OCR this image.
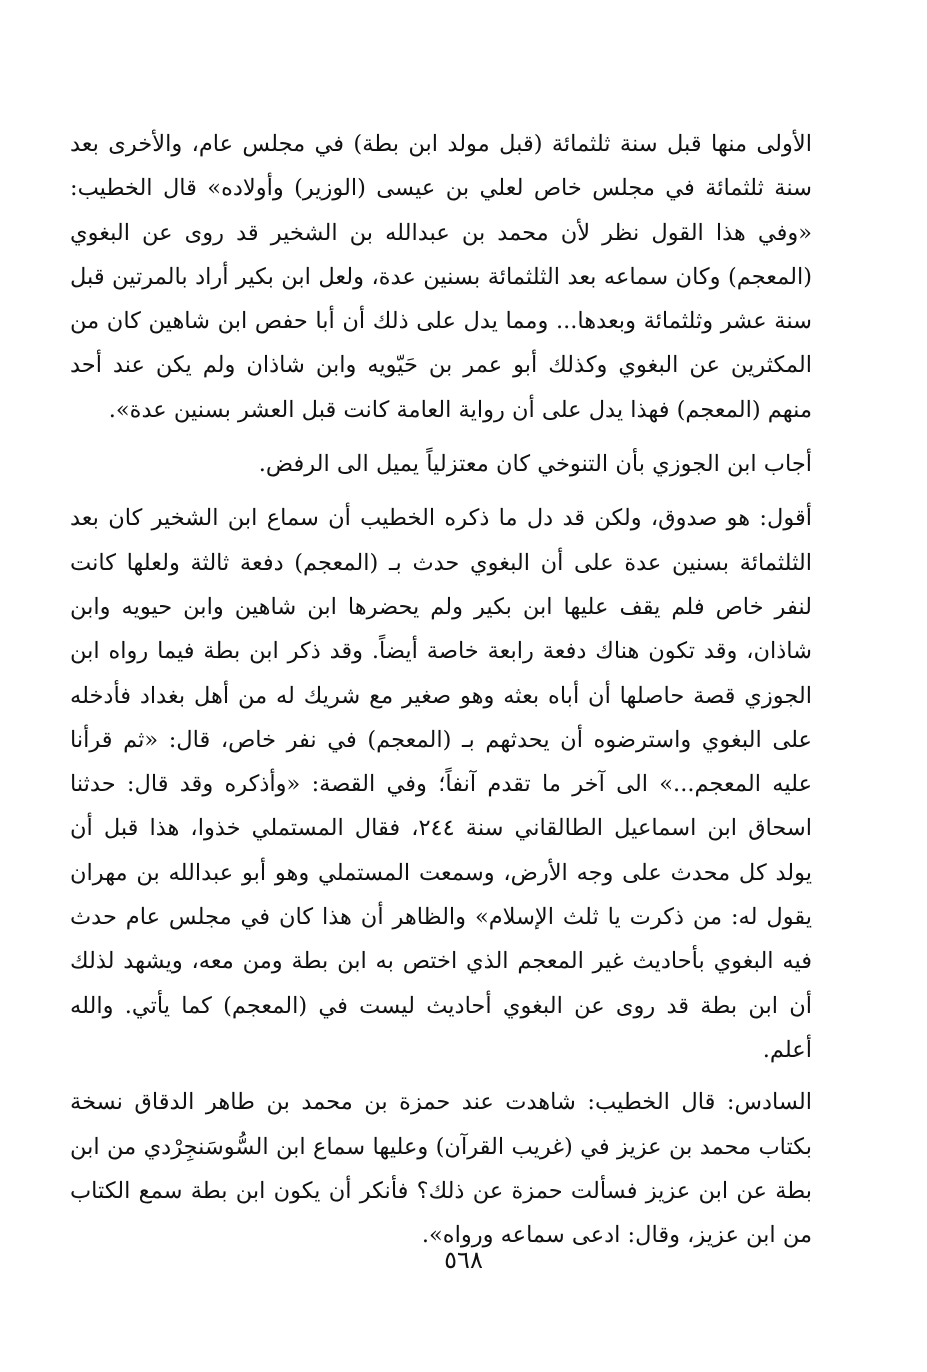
الأولى منها قبل سنة ثلثمائة (قبل مولد ابن بطة) في مجلس عام، والأخرى بعد سنة ثلثمائة في مجلس خاص لعلي بن عيسى (الوزير) وأولاده» قال الخطيب: «وفي هذا القول نظر لأن محمد بن عبدالله بن الشخير قد روى عن البغوي (المعجم) وكان سماعه بعد الثلثمائة بسنين عدة، ولعل ابن بكير أراد بالمرتين قبل سنة عشر وثلثمائة وبعدها... ومما يدل على ذلك أن أبا حفص ابن شاهين كان من المكثرين عن البغوي وكذلك أبو عمر بن حَيّويه وابن شاذان ولم يكن عند أحد منهم (المعجم) فهذا يدل على أن رواية العامة كانت قبل العشر بسنين عدة».

أجاب ابن الجوزي بأن التنوخي كان معتزلياً يميل الى الرفض.

أقول: هو صدوق، ولكن قد دل ما ذكره الخطيب أن سماع ابن الشخير كان بعد الثلثمائة بسنين عدة على أن البغوي حدث بـ (المعجم) دفعة ثالثة ولعلها كانت لنفر خاص فلم يقف عليها ابن بكير ولم يحضرها ابن شاهين وابن حيويه وابن شاذان، وقد تكون هناك دفعة رابعة خاصة أيضاً. وقد ذكر ابن بطة فيما رواه ابن الجوزي قصة حاصلها أن أباه بعثه وهو صغير مع شريك له من أهل بغداد فأدخله على البغوي واسترضوه أن يحدثهم بـ (المعجم) في نفر خاص، قال: «ثم قرأنا عليه المعجم...» الى آخر ما تقدم آنفاً؛ وفي القصة: «وأذكره وقد قال: حدثنا اسحاق ابن اسماعيل الطالقاني سنة ٢٤٤، فقال المستملي خذوا، هذا قبل أن يولد كل محدث على وجه الأرض، وسمعت المستملي وهو أبو عبدالله بن مهران يقول له: من ذكرت يا ثلث الإسلام» والظاهر أن هذا كان في مجلس عام حدث فيه البغوي بأحاديث غير المعجم الذي اختص به ابن بطة ومن معه، ويشهد لذلك أن ابن بطة قد روى عن البغوي أحاديث ليست في (المعجم) كما يأتي. والله أعلم.

السادس: قال الخطيب: شاهدت عند حمزة بن محمد بن طاهر الدقاق نسخة بكتاب محمد بن عزيز في (غريب القرآن) وعليها سماع ابن السُّوسَنجِرْدي من ابن بطة عن ابن عزيز فسألت حمزة عن ذلك؟ فأنكر أن يكون ابن بطة سمع الكتاب من ابن عزيز، وقال: ادعى سماعه ورواه».

٥٦٨
